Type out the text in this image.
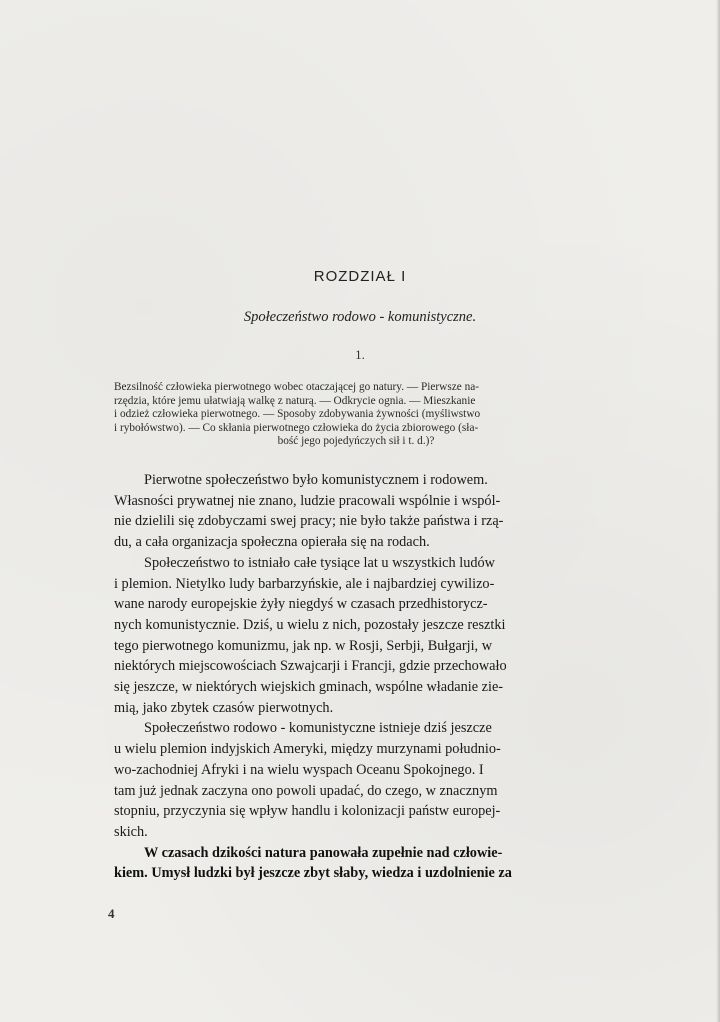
ROZDZIAŁ I
Społeczeństwo rodowo - komunistyczne.
1.
Bezsilność człowieka pierwotnego wobec otaczającej go natury. — Pierwsze na-
rzędzia, które jemu ułatwiają walkę z naturą. — Odkrycie ognia. — Mieszkanie
i odzież człowieka pierwotnego. — Sposoby zdobywania żywności (myśliwstwo
i rybołówstwo). — Co skłania pierwotnego człowieka do życia zbiorowego (sła-
bość jego pojedyńczych sił i t. d.)?
Pierwotne społeczeństwo było komunistycznem i rodowem.
Własności prywatnej nie znano, ludzie pracowali wspólnie i wspól-
nie dzielili się zdobyczami swej pracy; nie było także państwa i rzą-
du, a cała organizacja społeczna opierała się na rodach.
Społeczeństwo to istniało całe tysiące lat u wszystkich ludów
i plemion. Nietylko ludy barbarzyńskie, ale i najbardziej cywilizo-
wane narody europejskie żyły niegdyś w czasach przedhistorycz-
nych komunistycznie. Dziś, u wielu z nich, pozostały jeszcze resztki
tego pierwotnego komunizmu, jak np. w Rosji, Serbji, Bułgarji, w
niektórych miejscowościach Szwajcarji i Francji, gdzie przechowało
się jeszcze, w niektórych wiejskich gminach, wspólne władanie zie-
mią, jako zbytek czasów pierwotnych.
Społeczeństwo rodowo - komunistyczne istnieje dziś jeszcze
u wielu plemion indyjskich Ameryki, między murzynami południo-
wo-zachodniej Afryki i na wielu wyspach Oceanu Spokojnego. I
tam już jednak zaczyna ono powoli upadać, do czego, w znacznym
stopniu, przyczynia się wpływ handlu i kolonizacji państw europej-
skich.
W czasach dzikości natura panowała zupełnie nad człowie-
kiem. Umysł ludzki był jeszcze zbyt słaby, wiedza i uzdolnienie za
4
